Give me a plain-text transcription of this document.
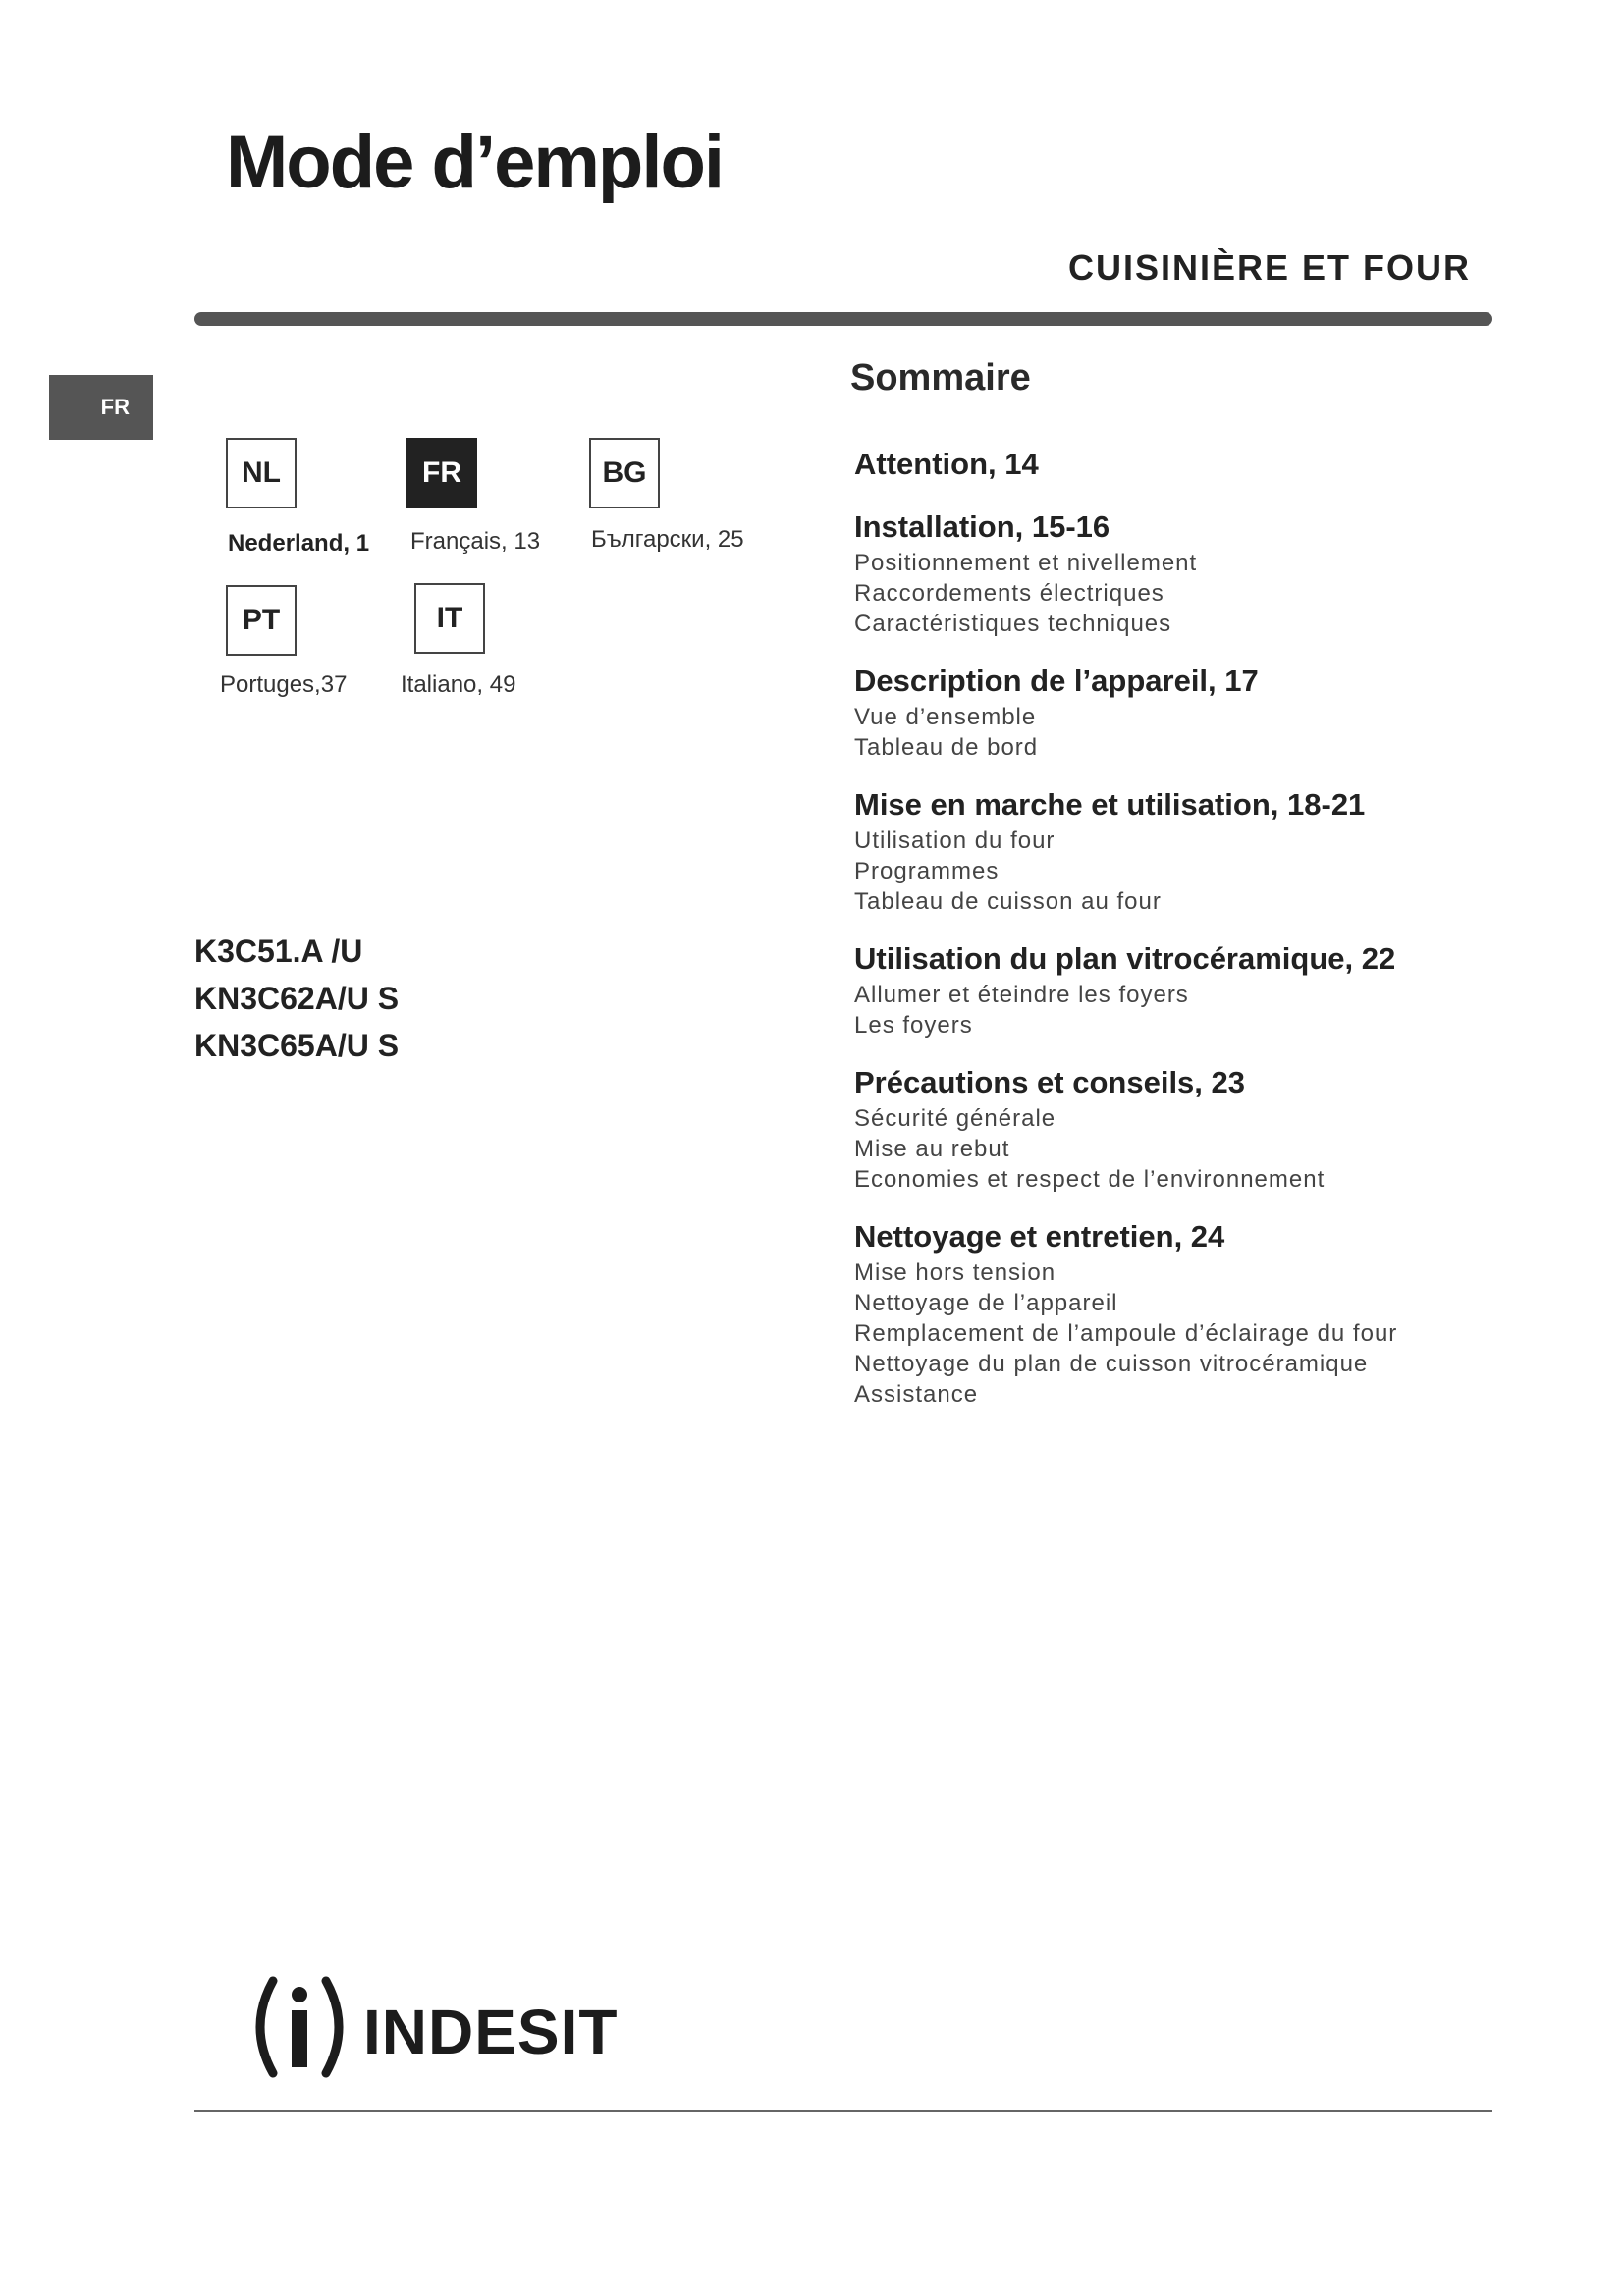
Mode d’emploi
CUISINIÈRE ET FOUR
FR
NL
Nederland, 1
FR
Français, 13
BG
Български, 25
PT
Portuges,37
IT
Italiano, 49
K3C51.A /U
KN3C62A/U S
KN3C65A/U S
Sommaire
Attention, 14
Installation, 15-16
Positionnement et nivellement
Raccordements électriques
Caractéristiques techniques
Description de l’appareil, 17
Vue d’ensemble
Tableau de bord
Mise en marche et utilisation, 18-21
Utilisation du four
Programmes
Tableau de cuisson au four
Utilisation du plan vitrocéramique, 22
Allumer et éteindre les foyers
Les foyers
Précautions et conseils, 23
Sécurité générale
Mise au rebut
Economies et respect de l’environnement
Nettoyage et entretien, 24
Mise hors tension
Nettoyage de l’appareil
Remplacement de l’ampoule d’éclairage du four
Nettoyage du plan de cuisson vitrocéramique
Assistance
INDESIT
